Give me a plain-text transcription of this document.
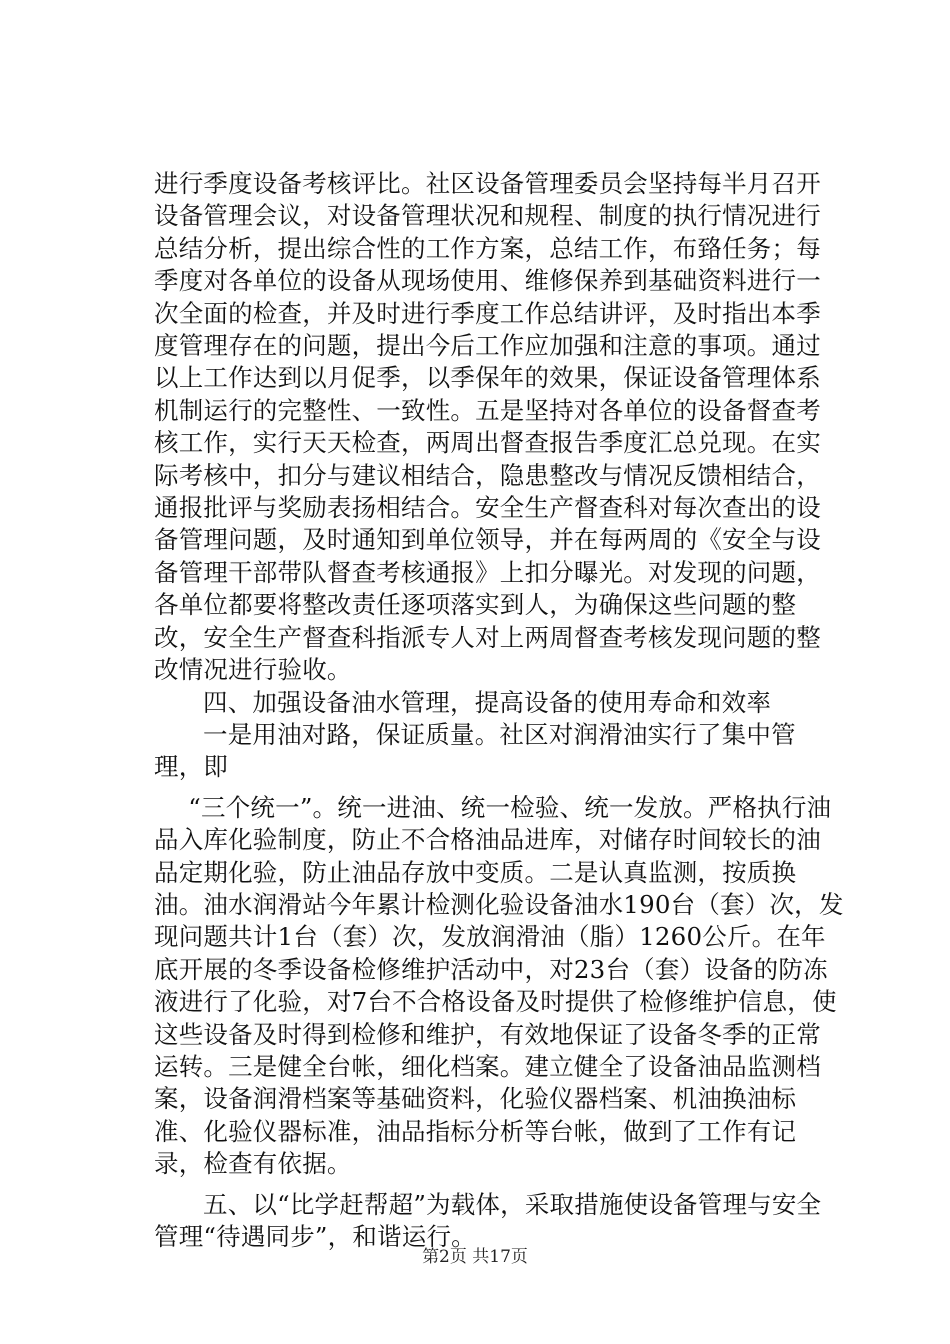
进行季度设备考核评比。社区设备管理委员会坚持每半月召开设备管理会议，对设备管理状况和规程、制度的执行情况进行总结分析，提出综合性的工作方案，总结工作，布臵任务；每季度对各单位的设备从现场使用、维修保养到基础资料进行一次全面的检查，并及时进行季度工作总结讲评，及时指出本季度管理存在的问题，提出今后工作应加强和注意的事项。通过以上工作达到以月促季，以季保年的效果，保证设备管理体系机制运行的完整性、一致性。五是坚持对各单位的设备督查考核工作，实行天天检查，两周出督查报告季度汇总兑现。在实际考核中，扣分与建议相结合，隐患整改与情况反馈相结合，通报批评与奖励表扬相结合。安全生产督查科对每次查出的设备管理问题，及时通知到单位领导，并在每两周的《安全与设备管理干部带队督查考核通报》上扣分曝光。对发现的问题，各单位都要将整改责任逐项落实到人，为确保这些问题的整改，安全生产督查科指派专人对上两周督查考核发现问题的整改情况进行验收。

四、加强设备油水管理，提高设备的使用寿命和效率

一是用油对路，保证质量。社区对润滑油实行了集中管理，即

“三个统一”。统一进油、统一检验、统一发放。严格执行油品入库化验制度，防止不合格油品进库，对储存时间较长的油品定期化验，防止油品存放中变质。二是认真监测，按质换油。油水润滑站今年累计检测化验设备油水190台（套）次，发现问题共计1台（套）次，发放润滑油（脂）1260公斤。在年底开展的冬季设备检修维护活动中，对23台（套）设备的防冻液进行了化验，对7台不合格设备及时提供了检修维护信息，使这些设备及时得到检修和维护，有效地保证了设备冬季的正常运转。三是健全台帐，细化档案。建立健全了设备油品监测档案，设备润滑档案等基础资料，化验仪器档案、机油换油标准、化验仪器标准，油品指标分析等台帐，做到了工作有记录，检查有依据。

五、以“比学赶帮超”为载体，采取措施使设备管理与安全管理“待遇同步”，和谐运行。

第2页 共17页
